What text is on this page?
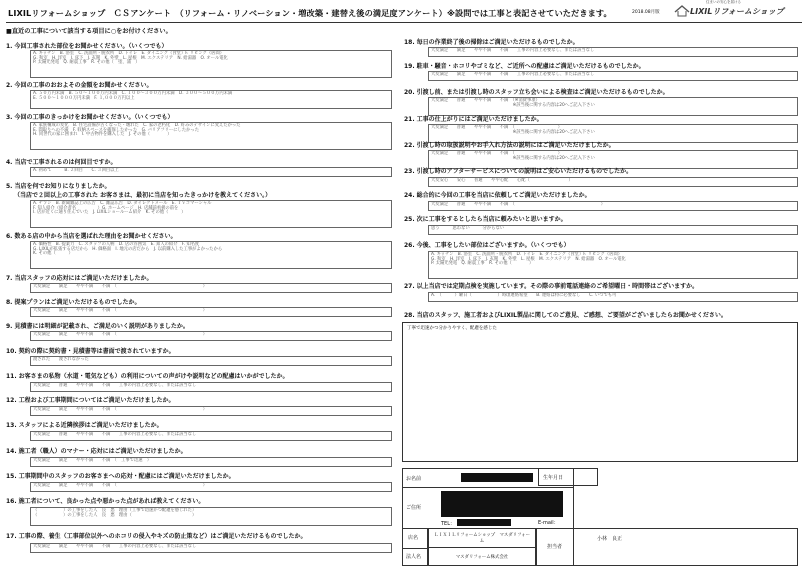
LIXILリフォームショップ　ＣＳアンケート　（リフォーム・リノベーション・増改築・建替え後の満足度アンケート）※設問では工事と表記させていただきます。	2018.08月版
住まいの安心を届ける
LIXILリフォームショップ
■直近の工事について該当する項目に○をお付けください。
1. 今回工事された部位をお聞かせください。（いくつでも）
A. キッチン　B. 浴室　C. 洗面所・脱衣所　D. トイレ　E. ダイニング（食堂）F. リビング（居間）
G. 和室　H. 洋室　I. 床下　J. 玄関　K. 外壁　L. 屋根　M. エクステリア　N. 給湯器　O. オール電化
P. 太陽光発電　Q. 耐震工事　R. その他（　塗、浦　）
2. 今回の工事のおおよその金額をお聞かせください。
A. ５０万円未満　B. ５０～１００万円未満　C. １００～３００万円未満　D. ３００～５００万円未満
E. ５００～１０００万円未満　F. １,０００万円以上
3. 今回の工事のきっかけをお聞かせください。（いくつでも）
A. 家族構成の変化　B. 住宅設備が古くなった・壊れた　C. 家の老朽化　D. 好みのデザインに変えたかった
E. 間取りへの不満　F. 収納スペースを確保したかった　G. バリアフリーにしたかった
H. 同世代の家に囲まれ　I. 中古物件を購入した　J. その他（　　　　）
4. 当店で工事されるのは何回目ですか。
A. 初めて　　　B. ２回目　　C. ３回目以上
5. 当店を何でお知りになりましたか。
（当店で２回以上の工事された お客さまは、最初に当店を知ったきっかけを教えてください。）
A. チラシ　B. 新聞雑誌上の広告　C. 雑誌広告　D. ダイレクトメール　E. ＴＶコマーシャル
F. 知人紹介（紹介者名　　　　　）G. ホームページ　H. 店舗前看板の前を
I. 店が近くに通り住んでいた　J. LIXILショールーム紹介　K. その他（　　　）
6. 数ある店の中から当店を選ばれた理由をお聞かせください。
A. 価格性　B. 提案力　C. スタッフの人柄　D. 店の雰囲気　E. 知人の紹介　F. 知名度
G. LIXILが拡張する店だから　H. 価格面　I. 地元の店だから　J. 以前購入した工事がよかったから
K. その他（　　　）
7. 当店スタッフの応対にはご満足いただけましたか。
大変満足　　満足　　やや不満　　不満　（　　　　　　　　　　　　　　　　　　　　）
8. 提案プランはご満足いただけるものでしたか。
大変満足　　満足　　やや不満　　不満　（　　　　　　　　　　　　　　　　　　　　）
9. 見積書には明細が記載され、ご満足のいく説明がありましたか。
大変満足　　満足　　やや不満　　不満　（　　　　　　　　　　　　　　　　　　　　）
10. 契約の際に契約書・見積書等は書面で渡されていますか。
渡された　　渡されなかった
11. お客さまの私物（水道・電気なども）の利用についての声がけや説明などの配慮はいかがでしたか。
大変満足　　普通　　やや不満　　不満　　工事の内容上必要なし、または該当なし
12. 工程および工事期間についてはご満足いただけましたか。
大変満足　　満足　　やや不満　　不満　（　　　　　　　　　　　　　　　　　　　　）
13. スタッフによる近隣挨拶はご満足いただけましたか。
大変満足　　普通　　やや不満　　不満　　工事の内容上必要なし、または該当なし
14. 施工者（職人）のマナー・応対にはご満足いただけましたか。
大変満足　　満足　　やや不満　　不満　（　工事で迅速　）
15. 工事期間中のスタッフのお客さまへの応対・配慮にはご満足いただけましたか。
大変満足　　満足　　やや不満　　不満　（　　　　　　　　　　　　　　　　　　　　）
16. 施工者について、良かった点や悪かった点があれば教えてください。
（　　　　　　）の工事をした人　良　悪　理由（工事で迅速かつ配慮を感じれた）
（　　　　　　）の工事をした人　良　悪　理由（　　　　　　　　　　　　　　）
17. 工事の際、養生（工事部位以外へのホコリの侵入やキズの防止策など）はご満足いただけるものでしたか。
大変満足　　満足　　やや不満　　不満　　工事の内容上必要なし、または該当なし
18. 毎日の作業終了後の掃除はご満足いただけるものでしたか。
大変満足　　満足　　やや不満　　不満　　工事の内容上必要なし、または該当なし
19. 駐車・騒音・ホコリやゴミなど、ご近所への配慮はご満足いただけるものでしたか。
大変満足　　満足　　やや不満　　不満　　工事の内容上必要なし、または該当なし
20. 引渡し前、または引渡し時のスタッフ立ち会いによる検査はご満足いただけるものでしたか。
大変満足　　普通　　やや不満　　不満　（※消費事項）
　　　　　　　　　　　　　　　　　　　※該当後に関する内容は20へご記入下さい
21. 工事の仕上がりにはご満足いただけましたか。
大変満足　　普通　　やや不満　　不満　（　　　　　　　　　　）
　　　　　　　　　　　　　　　　　　　※該当後に関する内容は20へご記入下さい
22. 引渡し時の取扱説明やお手入れ方法の説明にはご満足いただけましたか。
大変満足　　普通　　やや不満　　不満　（　　　　　　　　　　）
　　　　　　　　　　　　　　　　　　　※該当後に関する内容は20へご記入下さい
23. 引渡し時のアフターサービスについての説明はご安心いただけるものでしたか。
大変安心　　安心　　普通　　やや心配　　心配（　　　　　　　　　）
24. 総合的に今回の工事を当店に依頼してご満足いただけましたか。
大変満足　　普通　　やや不満　　不満　（　　　　　　　　　　　　　　　　　　　　）
25. 次に工事をするとしたら当店に頼みたいと思いますか。
思う　　　思わない　　　分からない
26. 今後、工事をしたい部位はございますか。（いくつでも）
A. キッチン　B. 浴室　C. 洗面所・脱衣所　D. トイレ　E. ダイニング（食堂）F. リビング（居間）
G. 和室　H. 洋室　I. 床下　J. 玄関　K. 外壁　L. 屋根　M. エクステリア　N. 給湯器　O. オール電化
P. 太陽光発電　Q. 耐震工事　R. その他（　　　　）
27. 以上当店では定期点検を実施しています。その際の事前電話連絡のご希望曜日・時間帯はございますか。
A.　（　　　）曜日（　　　　　　）時頃連絡希望　　B. 連絡は特に必要なし　　C. いつでも可
28. 当店のスタッフ、施工者およびLIXIL製品に関してのご意見、ご感想、ご要望がございましたらお聞かせください。
丁寧で迅速かつ分かりやすく、配慮を感じた
お名前
ご住所
TEL：
生年月日
E-mail：
店名
法人名
ＬＩＸＩＬリフォームショップ　マスダリフォーム
マスダリフォーム株式会社
担当者
小林　良正
